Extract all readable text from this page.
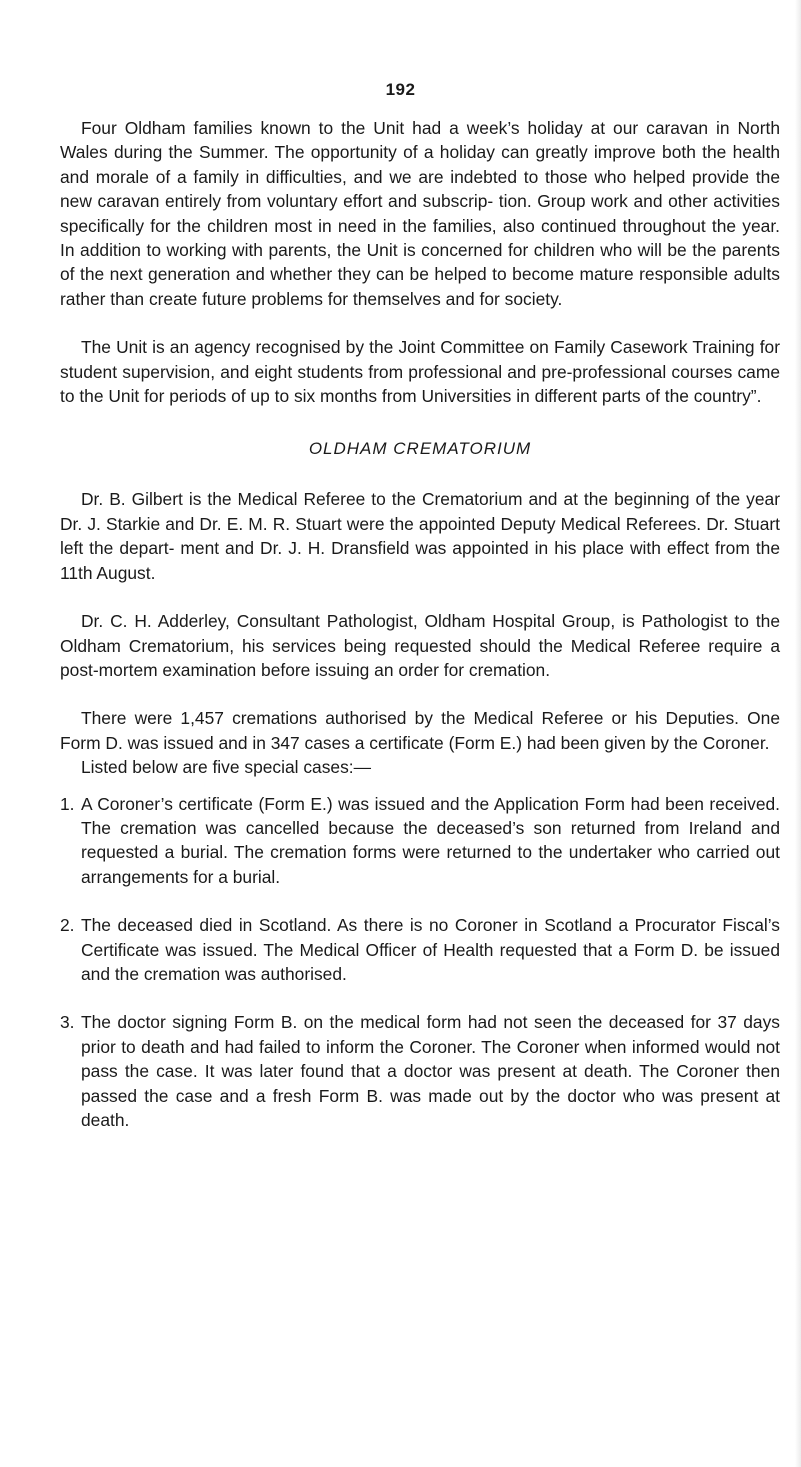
192

Four Oldham families known to the Unit had a week’s holiday at our caravan in North Wales during the Summer. The opportunity of a holiday can greatly improve both the health and morale of a family in difficulties, and we are indebted to those who helped provide the new caravan entirely from voluntary effort and subscrip- tion. Group work and other activities specifically for the children most in need in the families, also continued throughout the year. In addition to working with parents, the Unit is concerned for children who will be the parents of the next generation and whether they can be helped to become mature responsible adults rather than create future problems for themselves and for society.

The Unit is an agency recognised by the Joint Committee on Family Casework Training for student supervision, and eight students from professional and pre-professional courses came to the Unit for periods of up to six months from Universities in different parts of the country”.

OLDHAM CREMATORIUM

Dr. B. Gilbert is the Medical Referee to the Crematorium and at the beginning of the year Dr. J. Starkie and Dr. E. M. R. Stuart were the appointed Deputy Medical Referees. Dr. Stuart left the depart- ment and Dr. J. H. Dransfield was appointed in his place with effect from the 11th August.

Dr. C. H. Adderley, Consultant Pathologist, Oldham Hospital Group, is Pathologist to the Oldham Crematorium, his services being requested should the Medical Referee require a post-mortem examination before issuing an order for cremation.

There were 1,457 cremations authorised by the Medical Referee or his Deputies. One Form D. was issued and in 347 cases a certificate (Form E.) had been given by the Coroner.

Listed below are five special cases:—

1. A Coroner’s certificate (Form E.) was issued and the Application Form had been received. The cremation was cancelled because the deceased’s son returned from Ireland and requested a burial. The cremation forms were returned to the undertaker who carried out arrangements for a burial.
2. The deceased died in Scotland. As there is no Coroner in Scotland a Procurator Fiscal’s Certificate was issued. The Medical Officer of Health requested that a Form D. be issued and the cremation was authorised.
3. The doctor signing Form B. on the medical form had not seen the deceased for 37 days prior to death and had failed to inform the Coroner. The Coroner when informed would not pass the case. It was later found that a doctor was present at death. The Coroner then passed the case and a fresh Form B. was made out by the doctor who was present at death.
